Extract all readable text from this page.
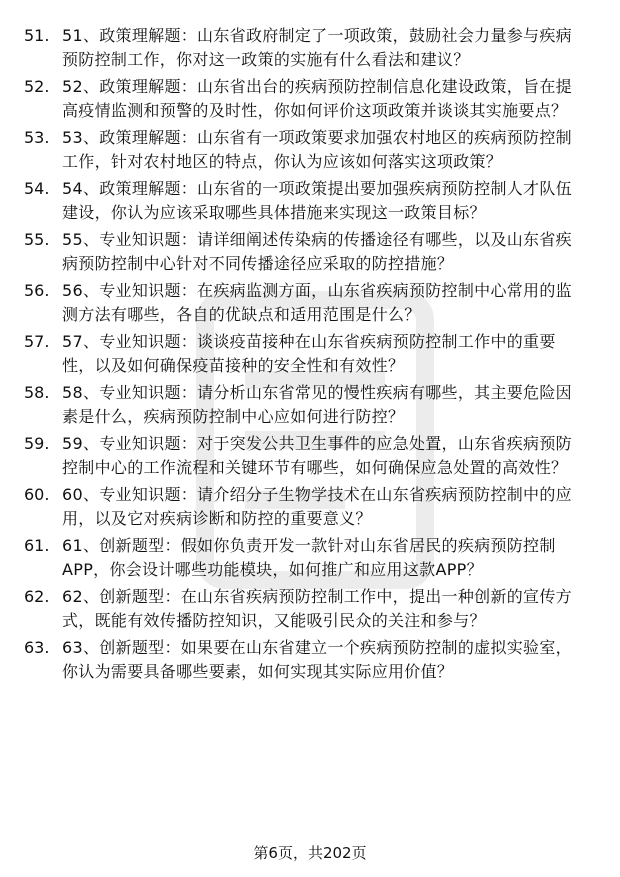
51. 51、政策理解题：山东省政府制定了一项政策，鼓励社会力量参与疾病预防控制工作，你对这一政策的实施有什么看法和建议？
52. 52、政策理解题：山东省出台的疾病预防控制信息化建设政策，旨在提高疫情监测和预警的及时性，你如何评价这项政策并谈谈其实施要点？
53. 53、政策理解题：山东省有一项政策要求加强农村地区的疾病预防控制工作，针对农村地区的特点，你认为应该如何落实这项政策？
54. 54、政策理解题：山东省的一项政策提出要加强疾病预防控制人才队伍建设，你认为应该采取哪些具体措施来实现这一政策目标？
55. 55、专业知识题：请详细阐述传染病的传播途径有哪些，以及山东省疾病预防控制中心针对不同传播途径应采取的防控措施？
56. 56、专业知识题：在疾病监测方面，山东省疾病预防控制中心常用的监测方法有哪些，各自的优缺点和适用范围是什么？
57. 57、专业知识题：谈谈疫苗接种在山东省疾病预防控制工作中的重要性，以及如何确保疫苗接种的安全性和有效性？
58. 58、专业知识题：请分析山东省常见的慢性疾病有哪些，其主要危险因素是什么，疾病预防控制中心应如何进行防控？
59. 59、专业知识题：对于突发公共卫生事件的应急处置，山东省疾病预防控制中心的工作流程和关键环节有哪些，如何确保应急处置的高效性？
60. 60、专业知识题：请介绍分子生物学技术在山东省疾病预防控制中的应用，以及它对疾病诊断和防控的重要意义？
61. 61、创新题型：假如你负责开发一款针对山东省居民的疾病预防控制APP，你会设计哪些功能模块，如何推广和应用这款APP？
62. 62、创新题型：在山东省疾病预防控制工作中，提出一种创新的宣传方式，既能有效传播防控知识，又能吸引民众的关注和参与？
63. 63、创新题型：如果要在山东省建立一个疾病预防控制的虚拟实验室，你认为需要具备哪些要素，如何实现其实际应用价值？
第6页，共202页
